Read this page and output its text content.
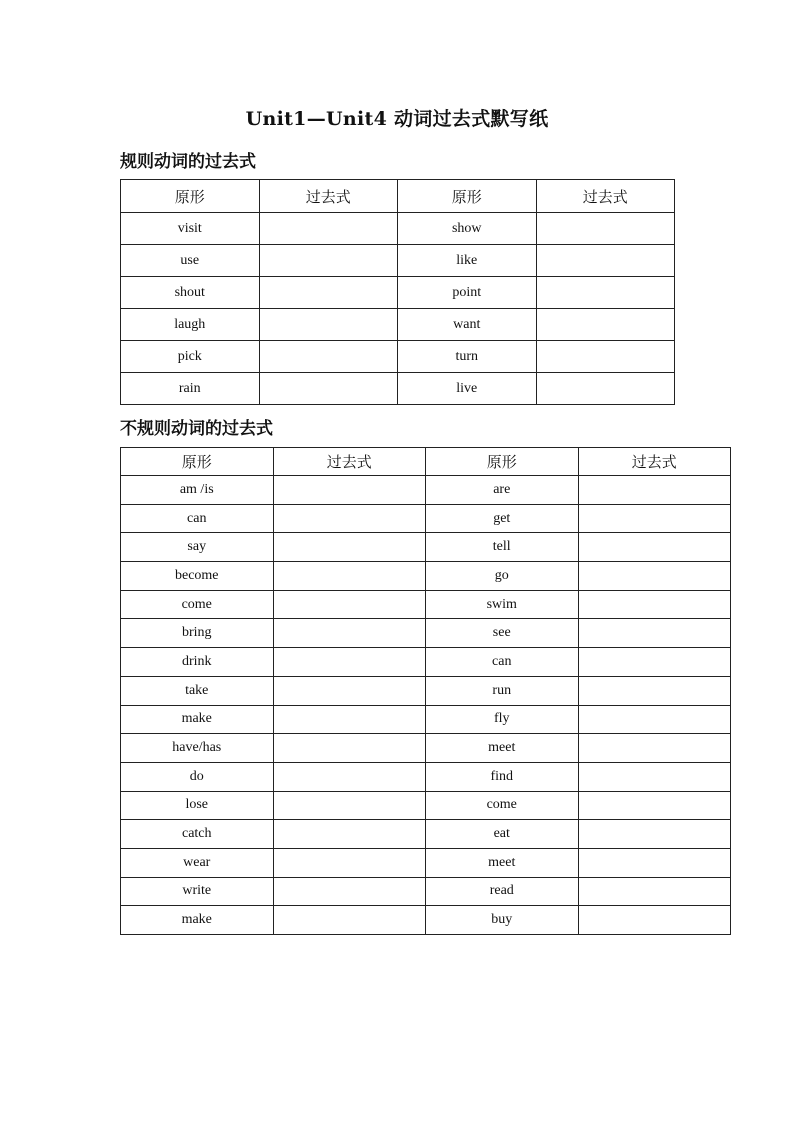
Unit1—Unit4 动词过去式默写纸
规则动词的过去式
原形	过去式	原形	过去式
visit		show	
use		like	
shout		point	
laugh		want	
pick		turn	
rain		live	
不规则动词的过去式
原形	过去式	原形	过去式
am /is		are	
can		get	
say		tell	
become		go	
come		swim	
bring		see	
drink		can	
take		run	
make		fly	
have/has		meet	
do		find	
lose		come	
catch		eat	
wear		meet	
write		read	
make		buy	
